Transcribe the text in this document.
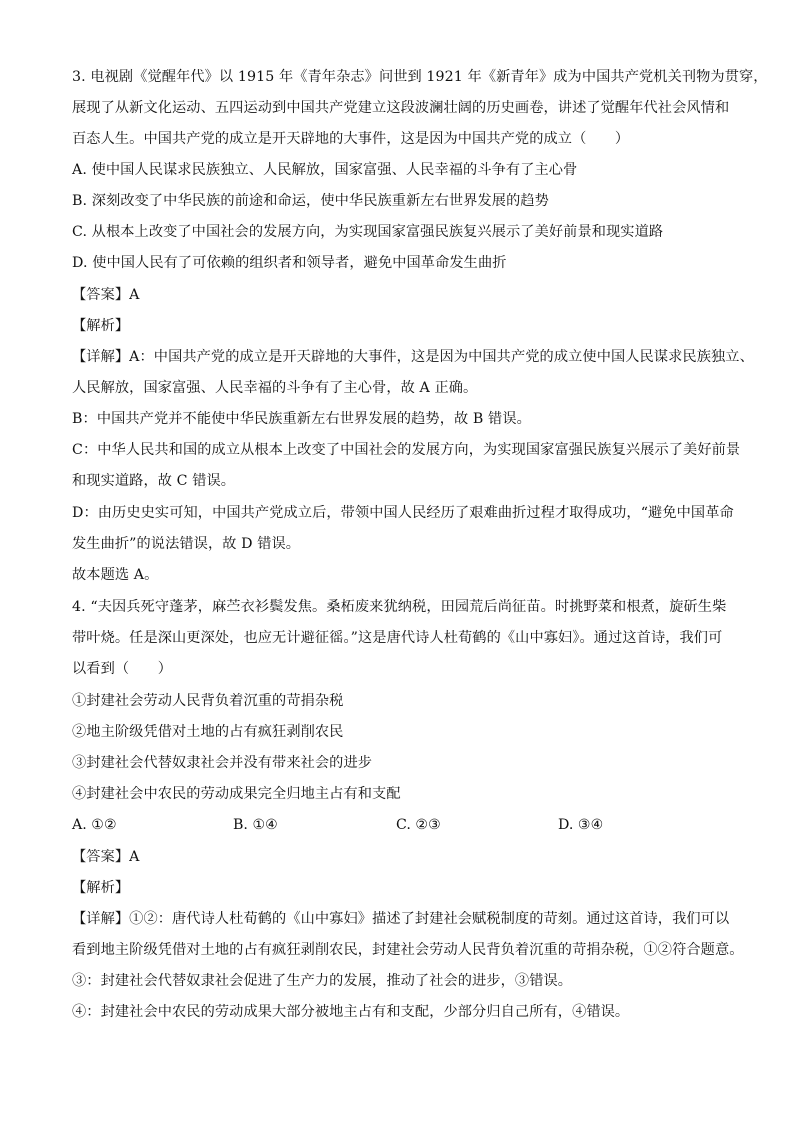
3. 电视剧《觉醒年代》以 1915 年《青年杂志》问世到 1921 年《新青年》成为中国共产党机关刊物为贯穿，
展现了从新文化运动、五四运动到中国共产党建立这段波澜壮阔的历史画卷，讲述了觉醒年代社会风情和
百态人生。中国共产党的成立是开天辟地的大事件，这是因为中国共产党的成立（　　）
A. 使中国人民谋求民族独立、人民解放，国家富强、人民幸福的斗争有了主心骨
B. 深刻改变了中华民族的前途和命运，使中华民族重新左右世界发展的趋势
C. 从根本上改变了中国社会的发展方向，为实现国家富强民族复兴展示了美好前景和现实道路
D. 使中国人民有了可依赖的组织者和领导者，避免中国革命发生曲折
【答案】A
【解析】
【详解】A：中国共产党的成立是开天辟地的大事件，这是因为中国共产党的成立使中国人民谋求民族独立、
人民解放，国家富强、人民幸福的斗争有了主心骨，故 A 正确。
B：中国共产党并不能使中华民族重新左右世界发展的趋势，故 B 错误。
C：中华人民共和国的成立从根本上改变了中国社会的发展方向，为实现国家富强民族复兴展示了美好前景
和现实道路，故 C 错误。
D：由历史史实可知，中国共产党成立后，带领中国人民经历了艰难曲折过程才取得成功，“避免中国革命
发生曲折”的说法错误，故 D 错误。
故本题选 A。
4. “夫因兵死守蓬茅，麻苎衣衫鬓发焦。桑柘废来犹纳税，田园荒后尚征苗。时挑野菜和根煮，旋斫生柴
带叶烧。任是深山更深处，也应无计避征徭。”这是唐代诗人杜荀鹤的《山中寡妇》。通过这首诗，我们可
以看到（　　）
①封建社会劳动人民背负着沉重的苛捐杂税
②地主阶级凭借对土地的占有疯狂剥削农民
③封建社会代替奴隶社会并没有带来社会的进步
④封建社会中农民的劳动成果完全归地主占有和支配
A. ①②	B. ①④	C. ②③	D. ③④
【答案】A
【解析】
【详解】①②：唐代诗人杜荀鹤的《山中寡妇》描述了封建社会赋税制度的苛刻。通过这首诗，我们可以
看到地主阶级凭借对土地的占有疯狂剥削农民，封建社会劳动人民背负着沉重的苛捐杂税，①②符合题意。
③：封建社会代替奴隶社会促进了生产力的发展，推动了社会的进步，③错误。
④：封建社会中农民的劳动成果大部分被地主占有和支配，少部分归自己所有，④错误。
